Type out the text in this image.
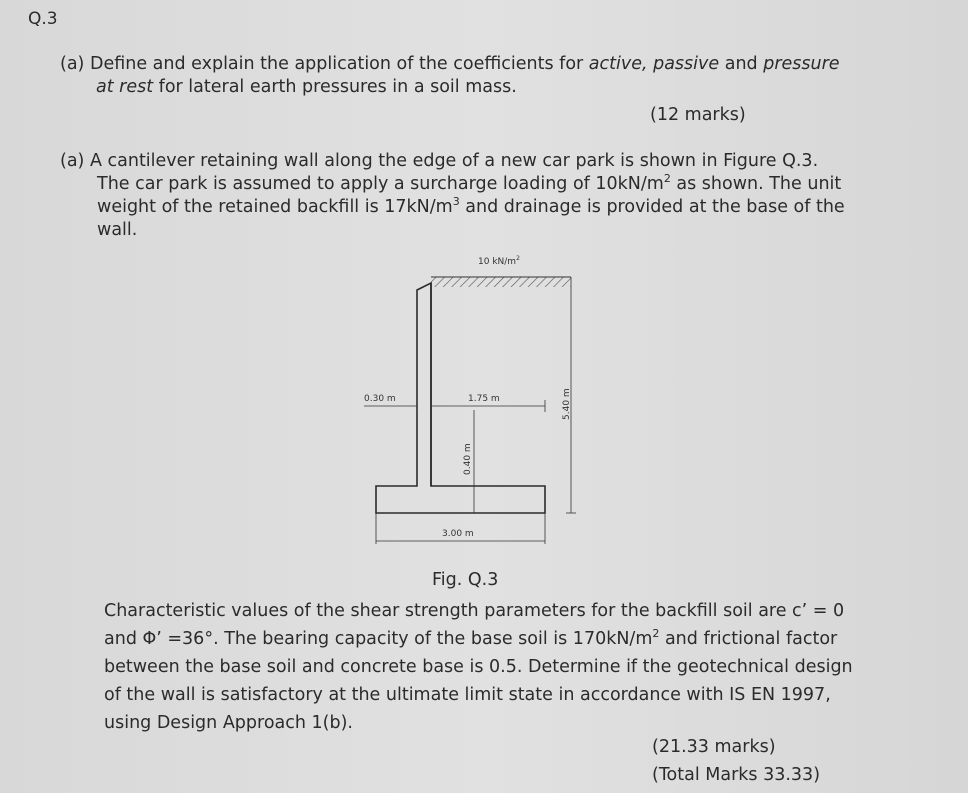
Q.3
(a) Define and explain the application of the coefficients for active, passive and pressure
at rest for lateral earth pressures in a soil mass.
(12 marks)
(a) A cantilever retaining wall along the edge of a new car park is shown in Figure Q.3.
The car park is assumed to apply a surcharge loading of $10kN/m^2$ as shown. The unit
weight of the retained backfill is $17kN/m^3$ and drainage is provided at the base of the
wall.
10 $kN/m^2$
0.30 m	1.75 m
0.40 m
5.40 m
3.00 m
Fig. Q.3
Characteristic values of the shear strength parameters for the backfill soil are c’ = 0
and Φ’ =36°. The bearing capacity of the base soil is $170kN/m^2$ and frictional factor
between the base soil and concrete base is 0.5. Determine if the geotechnical design
of the wall is satisfactory at the ultimate limit state in accordance with IS EN 1997,
using Design Approach 1(b).
(21.33 marks)
(Total Marks 33.33)
